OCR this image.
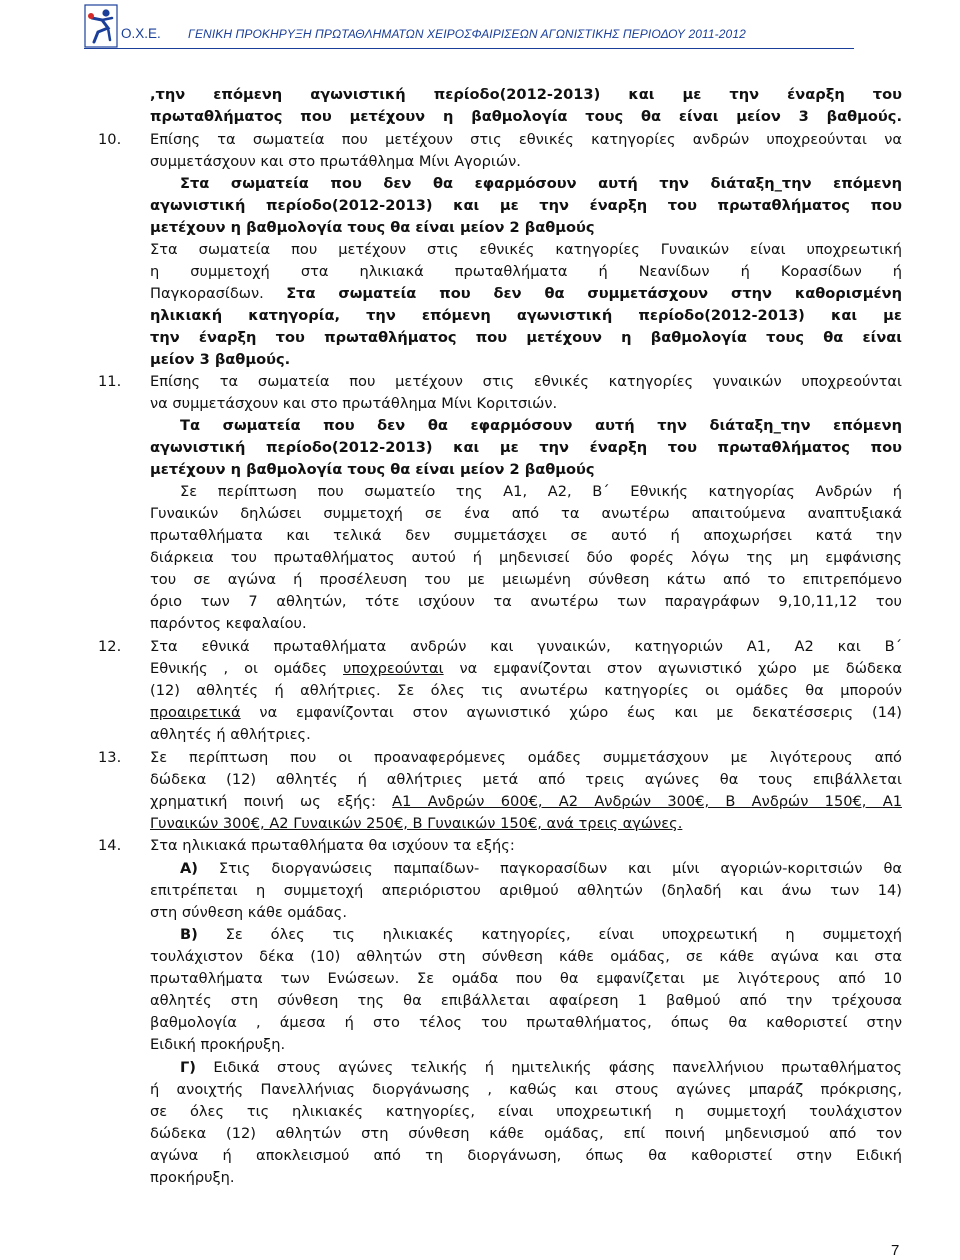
Ο.Χ.Ε. ΓΕΝΙΚΗ ΠΡΟΚΗΡΥΞΗ ΠΡΩΤΑΘΛΗΜΑΤΩΝ ΧΕΙΡΟΣΦΑΙΡΙΣΕΩΝ ΑΓΩΝΙΣΤΙΚΗΣ ΠΕΡΙΟΔΟΥ 2011-2012
,την επόμενη αγωνιστική περίοδο(2012-2013) και με την έναρξη του
πρωταθλήματος που μετέχουν η βαθμολογία τους θα είναι μείον 3 βαθμούς.
10. Επίσης τα σωματεία που μετέχουν στις εθνικές κατηγορίες ανδρών υποχρεούνται να
συμμετάσχουν και στο πρωτάθλημα Μίνι Αγοριών.
Στα σωματεία που δεν θα εφαρμόσουν αυτή την διάταξη_την επόμενη
αγωνιστική περίοδο(2012-2013) και με την έναρξη του πρωταθλήματος που
μετέχουν η βαθμολογία τους θα είναι μείον 2 βαθμούς
Στα σωματεία που μετέχουν στις εθνικές κατηγορίες Γυναικών είναι υποχρεωτική
η συμμετοχή στα ηλικιακά πρωταθλήματα ή Νεανίδων ή Κορασίδων ή
Παγκορασίδων. Στα σωματεία που δεν θα συμμετάσχουν στην καθορισμένη
ηλικιακή κατηγορία, την επόμενη αγωνιστική περίοδο(2012-2013) και με
την έναρξη του πρωταθλήματος που μετέχουν η βαθμολογία τους θα είναι
μείον 3 βαθμούς.
11. Επίσης τα σωματεία που μετέχουν στις εθνικές κατηγορίες γυναικών υποχρεούνται
να συμμετάσχουν και στο πρωτάθλημα Μίνι Κοριτσιών.
Τα σωματεία που δεν θα εφαρμόσουν αυτή την διάταξη_την επόμενη
αγωνιστική περίοδο(2012-2013) και με την έναρξη του πρωταθλήματος που
μετέχουν η βαθμολογία τους θα είναι μείον 2 βαθμούς
Σε περίπτωση που σωματείο της Α1, Α2, Β΄ Εθνικής κατηγορίας Ανδρών ή
Γυναικών δηλώσει συμμετοχή σε ένα από τα ανωτέρω απαιτούμενα αναπτυξιακά
πρωταθλήματα και τελικά δεν συμμετάσχει σε αυτό ή αποχωρήσει κατά την
διάρκεια του πρωταθλήματος αυτού ή μηδενισεί δύο φορές λόγω της μη εμφάνισης
του σε αγώνα ή προσέλευση του με μειωμένη σύνθεση κάτω από το επιτρεπόμενο
όριο των 7 αθλητών, τότε ισχύουν τα ανωτέρω των παραγράφων 9,10,11,12 του
παρόντος κεφαλαίου.
12. Στα εθνικά πρωταθλήματα ανδρών και γυναικών, κατηγοριών Α1, Α2 και Β΄
Εθνικής , οι ομάδες υποχρεούνται να εμφανίζονται στον αγωνιστικό χώρο με δώδεκα
(12) αθλητές ή αθλήτριες. Σε όλες τις ανωτέρω κατηγορίες οι ομάδες θα μπορούν
προαιρετικά να εμφανίζονται στον αγωνιστικό χώρο έως και με δεκατέσσερις (14)
αθλητές ή αθλήτριες.
13. Σε περίπτωση που οι προαναφερόμενες ομάδες συμμετάσχουν με λιγότερους από
δώδεκα (12) αθλητές ή αθλήτριες μετά από τρεις αγώνες θα τους επιβάλλεται
χρηματική ποινή ως εξής: Α1 Ανδρών 600€, Α2 Ανδρών 300€, Β Ανδρών 150€, Α1
Γυναικών 300€, Α2 Γυναικών 250€, Β Γυναικών 150€, ανά τρεις αγώνες.
14. Στα ηλικιακά πρωταθλήματα θα ισχύουν τα εξής:
Α) Στις διοργανώσεις παμπαίδων- παγκορασίδων και μίνι αγοριών-κοριτσιών θα
επιτρέπεται η συμμετοχή απεριόριστου αριθμού αθλητών (δηλαδή και άνω των 14)
στη σύνθεση κάθε ομάδας.
Β) Σε όλες τις ηλικιακές κατηγορίες, είναι υποχρεωτική η συμμετοχή
τουλάχιστον δέκα (10) αθλητών στη σύνθεση κάθε ομάδας, σε κάθε αγώνα και στα
πρωταθλήματα των Ενώσεων. Σε ομάδα που θα εμφανίζεται με λιγότερους από 10
αθλητές στη σύνθεση της θα επιβάλλεται αφαίρεση 1 βαθμού από την τρέχουσα
βαθμολογία , άμεσα ή στο τέλος του πρωταθλήματος, όπως θα καθοριστεί στην
Ειδική προκήρυξη.
Γ) Ειδικά στους αγώνες τελικής ή ημιτελικής φάσης πανελλήνιου πρωταθλήματος
ή ανοιχτής Πανελλήνιας διοργάνωσης , καθώς και στους αγώνες μπαράζ πρόκρισης,
σε όλες τις ηλικιακές κατηγορίες, είναι υποχρεωτική η συμμετοχή τουλάχιστον
δώδεκα (12) αθλητών στη σύνθεση κάθε ομάδας, επί ποινή μηδενισμού από τον
αγώνα ή αποκλεισμού από τη διοργάνωση, όπως θα καθοριστεί στην Ειδική
προκήρυξη.
7
